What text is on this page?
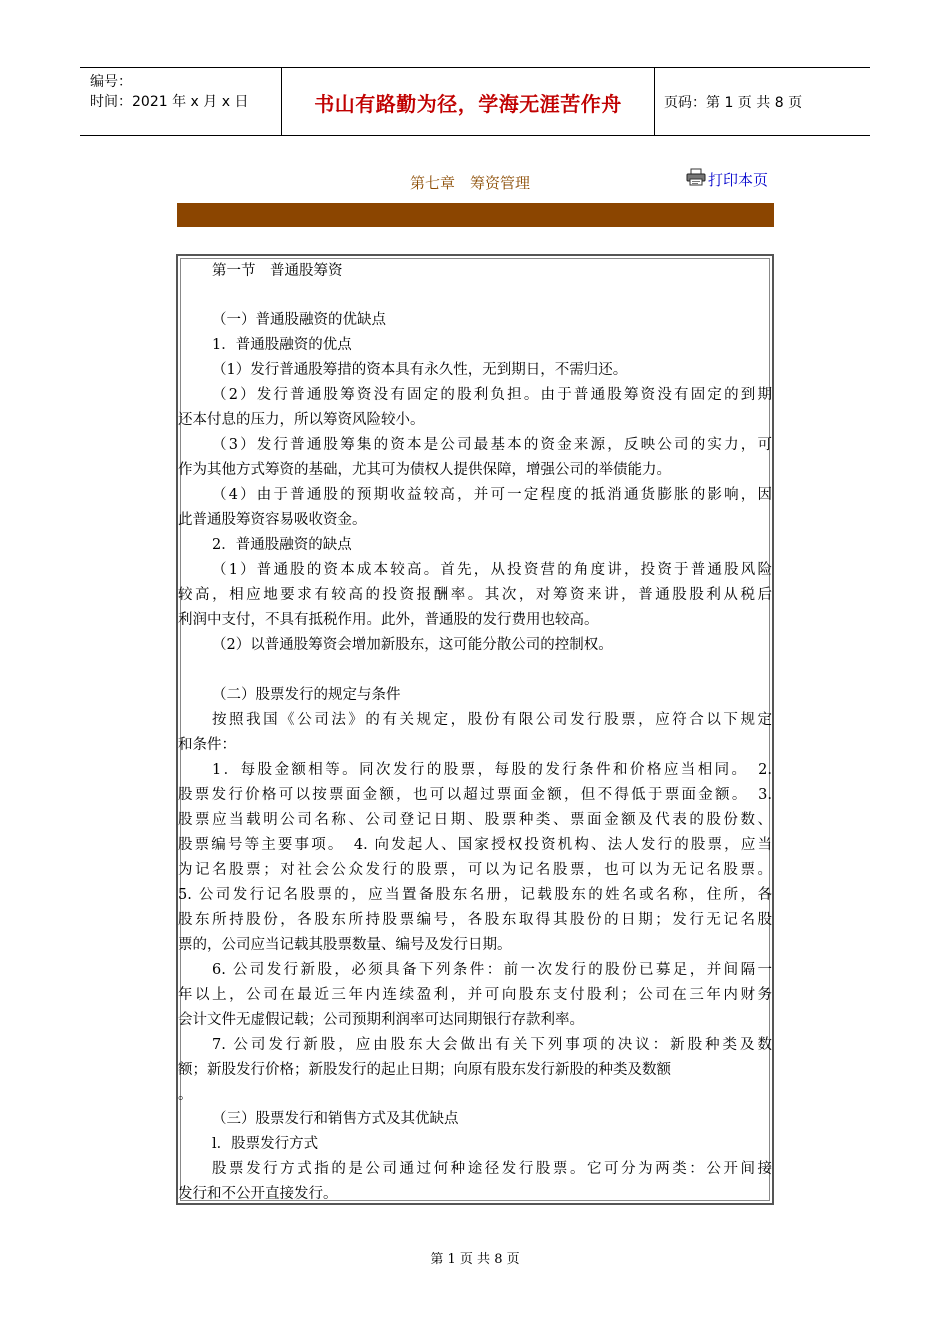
编号：
时间：2021 年 x 月 x 日	书山有路勤为径，学海无涯苦作舟	页码：第 1 页 共 8 页
第七章　筹资管理	打印本页
第一节　普通股筹资
（一）普通股融资的优缺点
1．普通股融资的优点
（1）发行普通股筹措的资本具有永久性，无到期日，不需归还。
（2）发行普通股筹资没有固定的股利负担。由于普通股筹资没有固定的到期
还本付息的压力，所以筹资风险较小。
（3）发行普通股筹集的资本是公司最基本的资金来源，反映公司的实力，可
作为其他方式筹资的基础，尤其可为债权人提供保障，增强公司的举债能力。
（4）由于普通股的预期收益较高，并可一定程度的抵消通货膨胀的影响，因
此普通股筹资容易吸收资金。
2．普通股融资的缺点
（1）普通股的资本成本较高。首先，从投资营的角度讲，投资于普通股风险
较高，相应地要求有较高的投资报酬率。其次，对筹资来讲，普通股股利从税后
利润中支付，不具有抵税作用。此外，普通股的发行费用也较高。
（2）以普通股筹资会增加新股东，这可能分散公司的控制权。
（二）股票发行的规定与条件
按照我国《公司法》的有关规定，股份有限公司发行股票，应符合以下规定
和条件：
1．每股金额相等。同次发行的股票，每股的发行条件和价格应当相同。　2.
股票发行价格可以按票面金额，也可以超过票面金额，但不得低于票面金额。　3.
股票应当载明公司名称、公司登记日期、股票种类、票面金额及代表的股份数、
股票编号等主要事项。　4. 向发起人、国家授权投资机构、法人发行的股票，应当
为记名股票；对社会公众发行的股票，可以为记名股票，也可以为无记名股票。
5. 公司发行记名股票的，应当置备股东名册，记载股东的姓名或名称，住所，各
股东所持股份，各股东所持股票编号，各股东取得其股份的日期；发行无记名股
票的，公司应当记载其股票数量、编号及发行日期。
6. 公司发行新股，必须具备下列条件：前一次发行的股份已募足，并间隔一
年以上，公司在最近三年内连续盈利，并可向股东支付股利；公司在三年内财务
会计文件无虚假记载；公司预期利润率可达同期银行存款利率。
7. 公司发行新股，应由股东大会做出有关下列事项的决议：新股种类及数
额；新股发行价格；新股发行的起止日期；向原有股东发行新股的种类及数额
。
（三）股票发行和销售方式及其优缺点
l．股票发行方式
股票发行方式指的是公司通过何种途径发行股票。它可分为两类：公开间接
发行和不公开直接发行。
第 1 页 共 8 页
